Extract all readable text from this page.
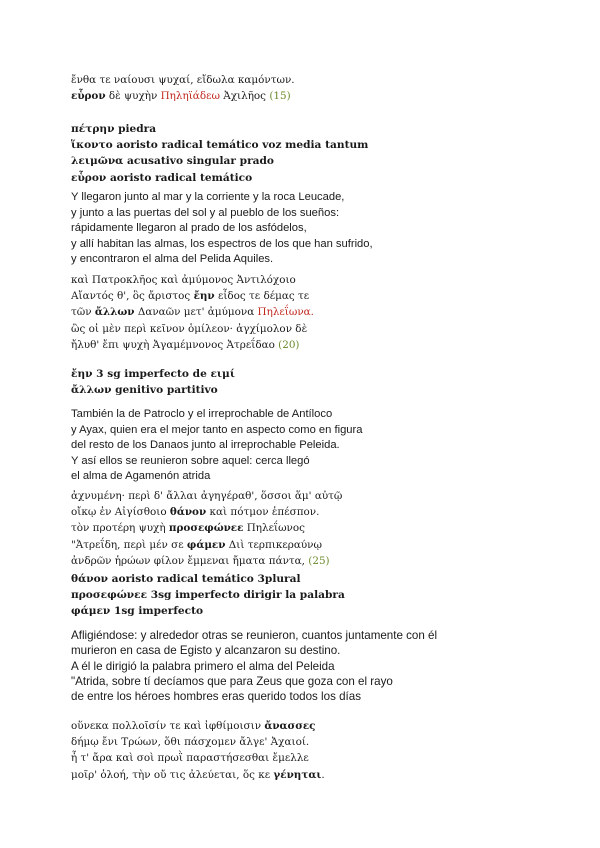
ἔνθα τε ναίουσι ψυχαί, εἴδωλα καμόντων.
εὗρον δὲ ψυχὴν Πηληϊάδεω Ἀχιλῆος (15)
πέτρην piedra
ἵκοντο aoristo radical temático voz media tantum
λειμῶνα acusativo singular prado
εὗρον aoristo radical temático
Y llegaron junto al mar y la corriente y la roca Leucade,
y junto a las puertas del sol y al pueblo de los sueños:
rápidamente llegaron al prado de los asfódelos,
y allí habitan las almas, los espectros de los que han sufrido,
y encontraron el alma del Pelida Aquiles.
καὶ Πατροκλῆος καὶ ἀμύμονος Ἀντιλόχοιο
Αἴαντός θ', ὃς ἄριστος ἔην εἶδος τε δέμας τε
τῶν ἄλλων Δαναῶν μετ' ἀμύμονα Πηλεΐωνα.
ὣς οἱ μὲν περὶ κεῖνον ὁμίλεον· ἀγχίμολον δὲ
ἤλυθ' ἔπι ψυχὴ Ἀγαμέμνονος Ἀτρεΐδαο (20)
ἔην 3 sg imperfecto de ειμί
ἄλλων genitivo partitivo
También la de Patroclo y el irreprochable de Antíloco
y Ayax, quien era el mejor tanto en aspecto como en figura
del resto de los Danaos junto al irreprochable Peleida.
Y así ellos se reunieron sobre aquel: cerca llegó
el alma de Agamenón atrida
ἀχνυμένη· περὶ δ' ἄλλαι ἀγηγέραθ', ὅσσοι ἅμ' αὐτῷ
οἴκῳ ἐν Αἰγίσθοιο θάνον καὶ πότμον ἐπέσπον.
τὸν προτέρη ψυχὴ προσεφώνεε Πηλεΐωνος
"Ἀτρεΐδη, περὶ μέν σε φάμεν Διὶ τερπικεραύνῳ
ἀνδρῶν ἡρώων φίλον ἔμμεναι ἤματα πάντα, (25)
θάνον aoristo radical temático 3plural
προσεφώνεε 3sg imperfecto dirigir la palabra
φάμεν 1sg imperfecto
Afligiéndose: y alrededor otras se reunieron, cuantos juntamente con él
murieron en casa de Egisto y alcanzaron su destino.
A él le dirigió la palabra primero el alma del Peleida
"Atrida, sobre tí decíamos que para Zeus que goza con el rayo
de entre los héroes hombres eras querido todos los días
οὕνεκα πολλοῖσίν τε καὶ ἰφθίμοισιν ἄνασσες
δήμῳ ἔνι Τρώων, ὅθι πάσχομεν ἄλγε' Ἀχαιοί.
ἦ τ' ἄρα καὶ σοὶ πρωῒ παραστήσεσθαι ἔμελλε
μοῖρ' ὀλοή, τὴν οὔ τις ἀλεύεται, ὅς κε γένηται.
